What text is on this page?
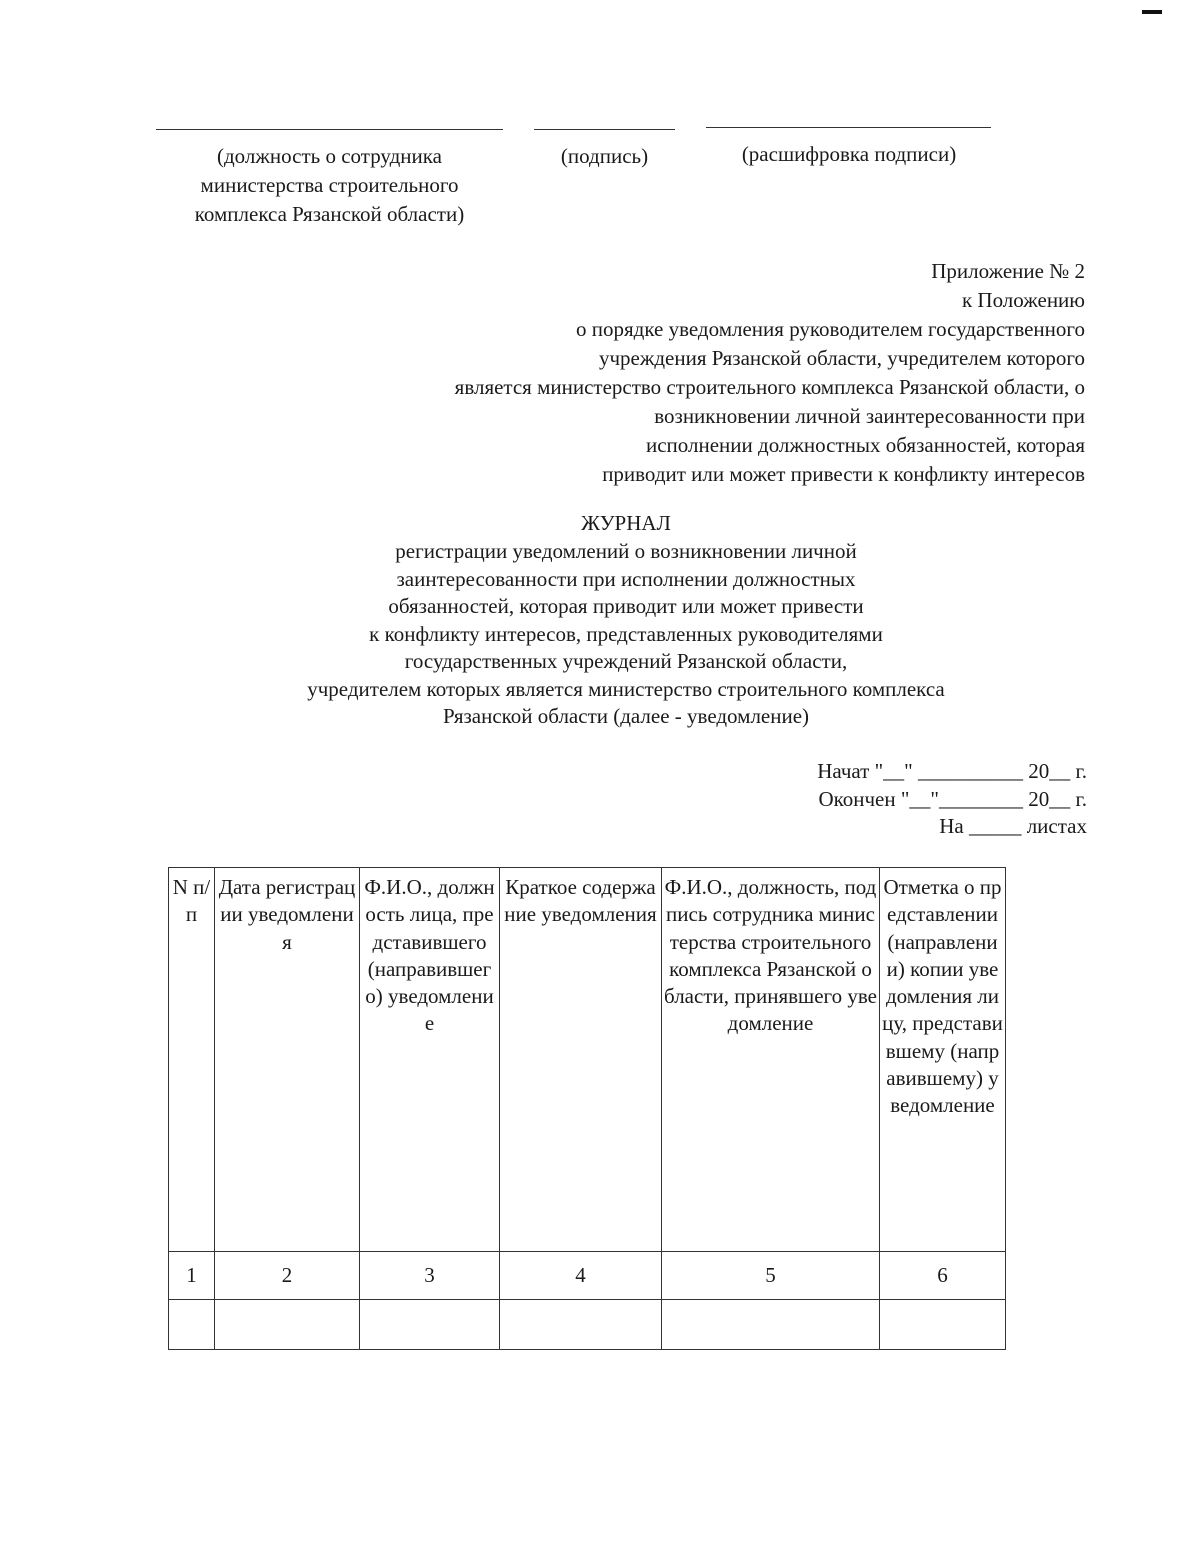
(должность о сотрудника
министерства строительного
комплекса Рязанской области)
(подпись)	(расшифровка подписи)
Приложение № 2
к Положению
о порядке уведомления руководителем государственного
учреждения Рязанской области, учредителем которого
является министерство строительного комплекса Рязанской области, о
возникновении личной заинтересованности при
исполнении должностных обязанностей, которая
приводит или может привести к конфликту интересов
ЖУРНАЛ
регистрации уведомлений о возникновении личной
заинтересованности при исполнении должностных
обязанностей, которая приводит или может привести
к конфликту интересов, представленных руководителями
государственных учреждений Рязанской области,
учредителем которых является министерство строительного комплекса
Рязанской области (далее - уведомление)
Начат "__" __________ 20__ г.
Окончен "__"________ 20__ г.
На _____ листах
N п/п	Дата регистрации уведомления	Ф.И.О., должность лица, представившего (направившего) уведомление	Краткое содержание уведомления	Ф.И.О., должность, подпись сотрудника министерства строительного комплекса Рязанской области, принявшего уведомление	Отметка о представлении (направлении) копии уведомления лицу, представившему (направившему) уведомление
1	2	3	4	5	6
